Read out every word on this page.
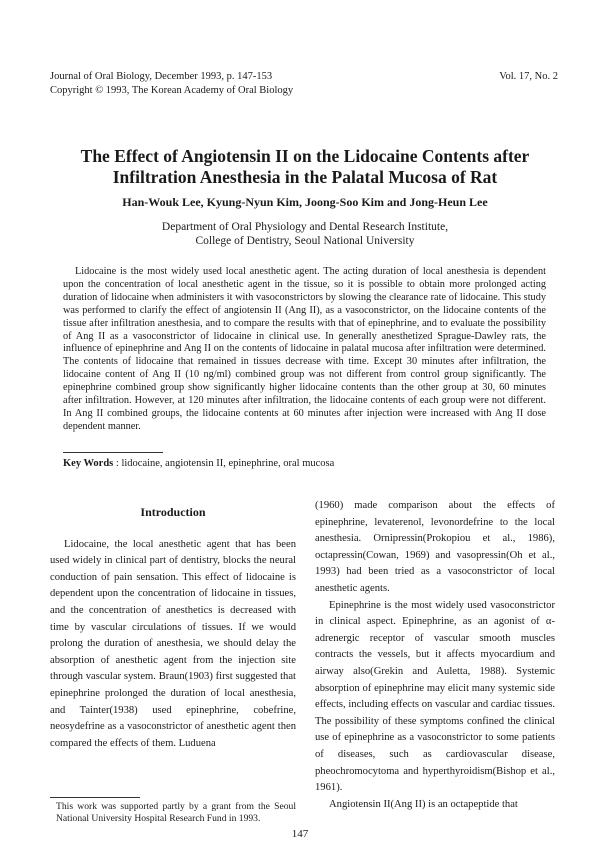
Journal of Oral Biology, December 1993, p. 147-153
Copyright © 1993, The Korean Academy of Oral Biology
Vol. 17, No. 2
The Effect of Angiotensin II on the Lidocaine Contents after Infiltration Anesthesia in the Palatal Mucosa of Rat
Han-Wouk Lee, Kyung-Nyun Kim, Joong-Soo Kim and Jong-Heun Lee
Department of Oral Physiology and Dental Research Institute,
College of Dentistry, Seoul National University
Lidocaine is the most widely used local anesthetic agent. The acting duration of local anesthesia is dependent upon the concentration of local anesthetic agent in the tissue, so it is possible to obtain more prolonged acting duration of lidocaine when administers it with vasoconstrictors by slowing the clearance rate of lidocaine. This study was performed to clarify the effect of angiotensin II (Ang II), as a vasoconstrictor, on the lidocaine contents of the tissue after infiltration anesthesia, and to compare the results with that of epinephrine, and to evaluate the possibility of Ang II as a vasoconstrictor of lidocaine in clinical use. In generally anesthetized Sprague-Dawley rats, the influence of epinephrine and Ang II on the contents of lidocaine in palatal mucosa after infiltration were determined. The contents of lidocaine that remained in tissues decrease with time. Except 30 minutes after infiltration, the lidocaine content of Ang II (10 ng/ml) combined group was not different from control group significantly. The epinephrine combined group show significantly higher lidocaine contents than the other group at 30, 60 minutes after infiltration. However, at 120 minutes after infiltration, the lidocaine contents of each group were not different. In Ang II combined groups, the lidocaine contents at 60 minutes after injection were increased with Ang II dose dependent manner.
Key Words : lidocaine, angiotensin II, epinephrine, oral mucosa
Introduction

Lidocaine, the local anesthetic agent that has been used widely in clinical part of dentistry, blocks the neural conduction of pain sensation. This effect of lidocaine is dependent upon the concentration of lidocaine in tissues, and the concentration of anesthetics is decreased with time by vascular circulations of tissues. If we would prolong the duration of anesthesia, we should delay the absorption of anesthetic agent from the injection site through vascular system. Braun(1903) first suggested that epinephrine prolonged the duration of local anesthesia, and Tainter(1938) used epinephrine, cobefrine, neosydefrine as a vasoconstrictor of anesthetic agent then compared the effects of them. Luduena

(1960) made comparison about the effects of epinephrine, levaterenol, levonordefrine to the local anesthesia. Ornipressin(Prokopiou et al., 1986), octapressin(Cowan, 1969) and vasopressin(Oh et al., 1993) had been tried as a vasoconstrictor of local anesthetic agents.

Epinephrine is the most widely used vasoconstrictor in clinical aspect. Epinephrine, as an agonist of α-adrenergic receptor of vascular smooth muscles contracts the vessels, but it affects myocardium and airway also(Grekin and Auletta, 1988). Systemic absorption of epinephrine may elicit many systemic side effects, including effects on vascular and cardiac tissues. The possibility of these symptoms confined the clinical use of epinephrine as a vasoconstrictor to some patients of diseases, such as cardiovascular disease, pheochromocytoma and hyperthyroidism(Bishop et al., 1961).

Angiotensin II(Ang II) is an octapeptide that

This work was supported partly by a grant from the Seoul National University Hospital Research Fund in 1993.
147
